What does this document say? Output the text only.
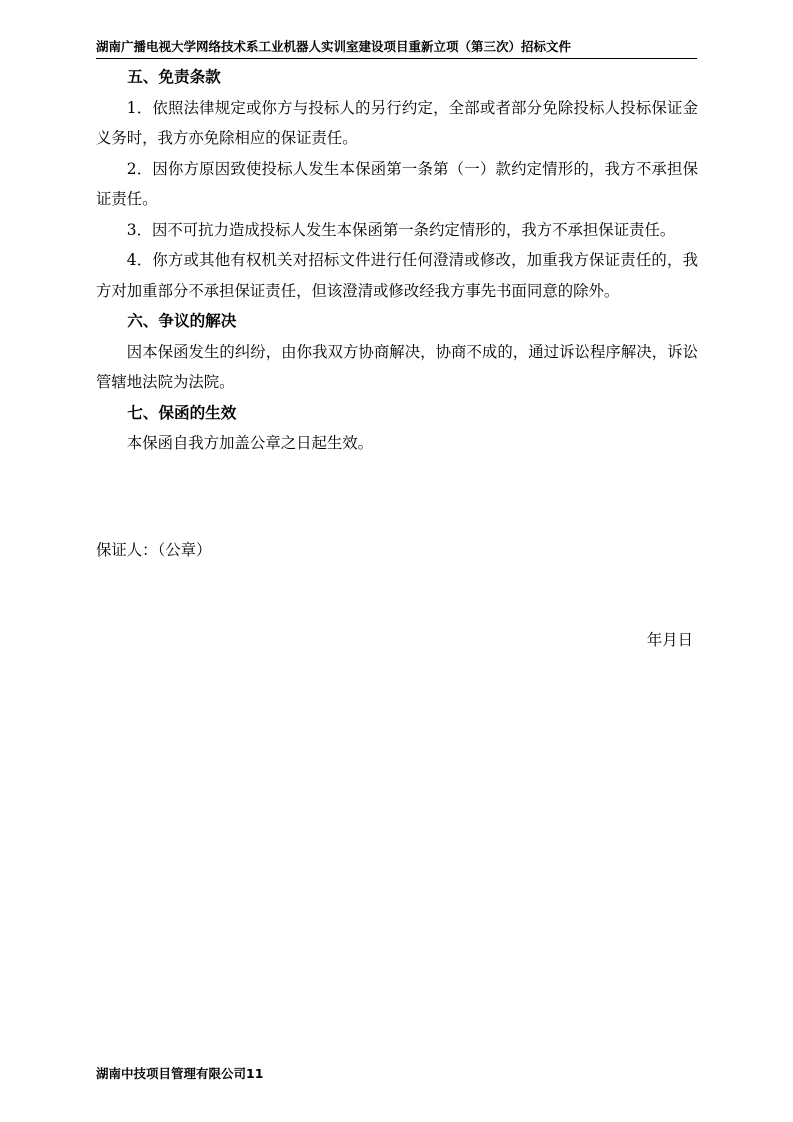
湖南广播电视大学网络技术系工业机器人实训室建设项目重新立项（第三次）招标文件

五、免责条款

1．依照法律规定或你方与投标人的另行约定，全部或者部分免除投标人投标保证金义务时，我方亦免除相应的保证责任。

2．因你方原因致使投标人发生本保函第一条第（一）款约定情形的，我方不承担保证责任。

3．因不可抗力造成投标人发生本保函第一条约定情形的，我方不承担保证责任。

4．你方或其他有权机关对招标文件进行任何澄清或修改，加重我方保证责任的，我方对加重部分不承担保证责任，但该澄清或修改经我方事先书面同意的除外。

六、争议的解决

因本保函发生的纠纷，由你我双方协商解决，协商不成的，通过诉讼程序解决，诉讼管辖地法院为法院。

七、保函的生效

本保函自我方加盖公章之日起生效。

保证人：（公章）
年月日
湖南中技项目管理有限公司11
